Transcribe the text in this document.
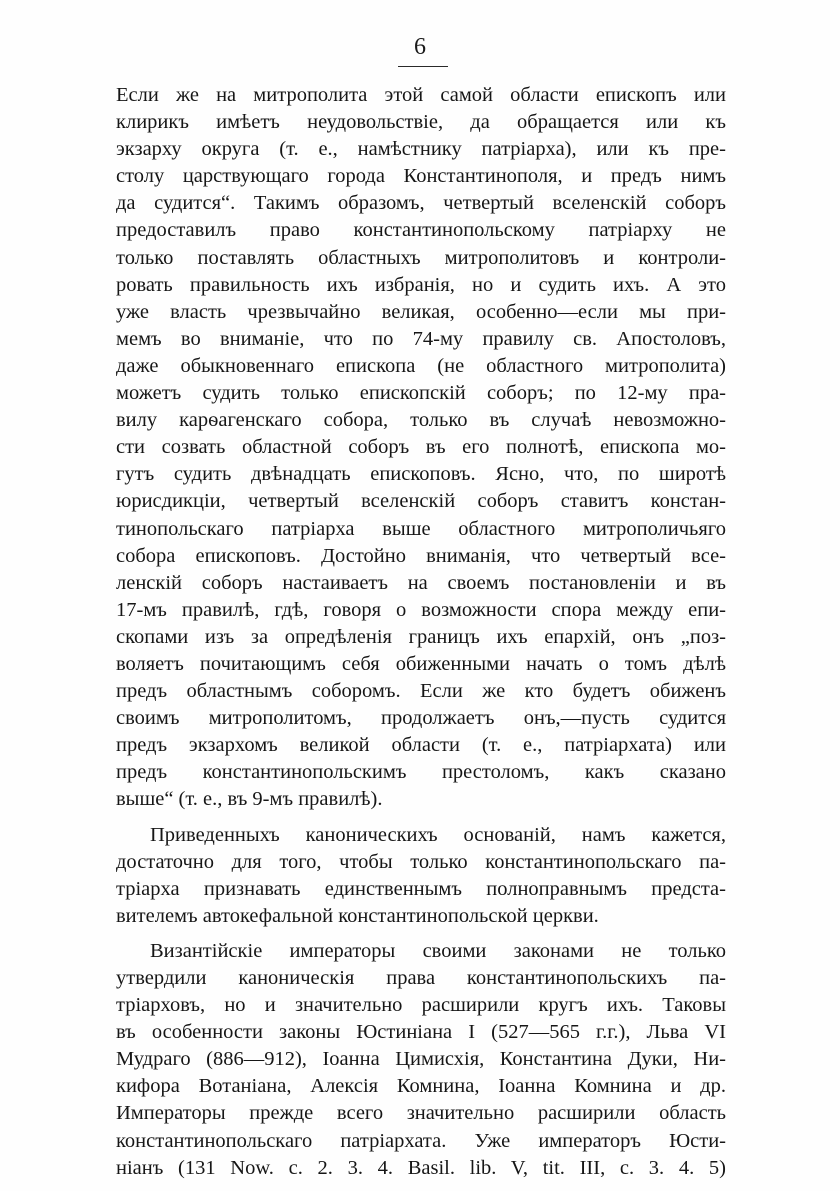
6
Если же на митрополита этой самой области епископъ или
клирикъ имѣетъ неудовольствіе, да обращается или къ
экзарху округа (т. е., намѣстнику патріарха), или къ пре-
столу царствующаго города Константинополя, и предъ нимъ
да судится“. Такимъ образомъ, четвертый вселенскій соборъ
предоставилъ право константинопольскому патріарху не
только поставлять областныхъ митрополитовъ и контроли-
ровать правильность ихъ избранія, но и судить ихъ. А это
уже власть чрезвычайно великая, особенно—если мы при-
мемъ во вниманіе, что по 74-му правилу св. Апостоловъ,
даже обыкновеннаго епископа (не областного митрополита)
можетъ судить только епископскій соборъ; по 12-му пра-
вилу карѳагенскаго собора, только въ случаѣ невозможно-
сти созвать областной соборъ въ его полнотѣ, епископа мо-
гутъ судить двѣнадцать епископовъ. Ясно, что, по широтѣ
юрисдикціи, четвертый вселенскій соборъ ставитъ констан-
тинопольскаго патріарха выше областного митрополичьяго
собора епископовъ. Достойно вниманія, что четвертый все-
ленскій соборъ настаиваетъ на своемъ постановленіи и въ
17-мъ правилѣ, гдѣ, говоря о возможности спора между епи-
скопами изъ за опредѣленія границъ ихъ епархій, онъ „поз-
воляетъ почитающимъ себя обиженными начать о томъ дѣлѣ
предъ областнымъ соборомъ. Если же кто будетъ обиженъ
своимъ митрополитомъ, продолжаетъ онъ,—пусть судится
предъ экзархомъ великой области (т. е., патріархата) или
предъ константинопольскимъ престоломъ, какъ сказано
выше“ (т. е., въ 9-мъ правилѣ).
Приведенныхъ каноническихъ основаній, намъ кажется,
достаточно для того, чтобы только константинопольскаго па-
тріарха признавать единственнымъ полноправнымъ предста-
вителемъ автокефальной константинопольской церкви.
Византійскіе императоры своими законами не только
утвердили каноническія права константинопольскихъ па-
тріарховъ, но и значительно расширили кругъ ихъ. Таковы
въ особенности законы Юстиніана I (527—565 г.г.), Льва VI
Мудраго (886—912), Іоанна Цимисхія, Константина Дуки, Ни-
кифора Вотаніана, Алексія Комнина, Іоанна Комнина и др.
Императоры прежде всего значительно расширили область
константинопольскаго патріархата. Уже императоръ Юсти-
ніанъ (131 Now. c. 2. 3. 4. Basil. lib. V, tit. III, c. 3. 4. 5)
